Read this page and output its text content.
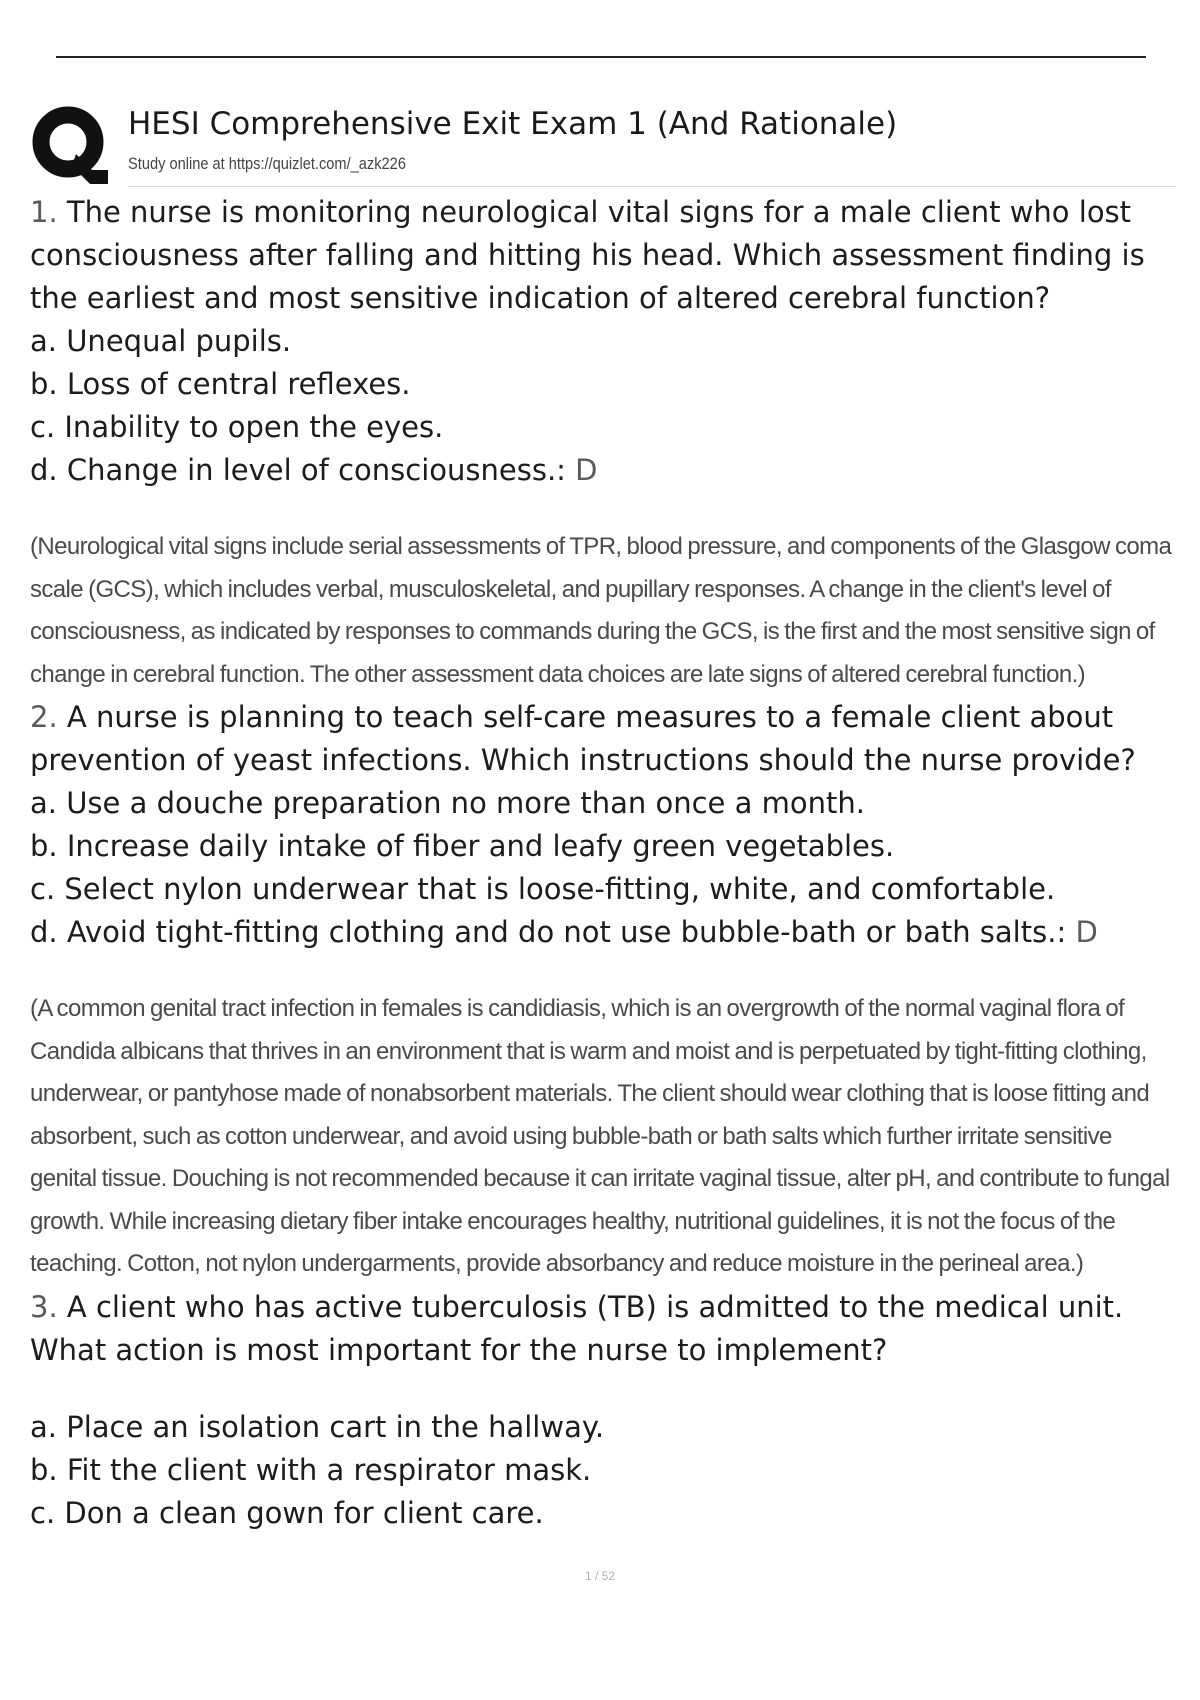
HESI Comprehensive Exit Exam 1 (And Rationale)
Study online at https://quizlet.com/_azk226

1. The nurse is monitoring neurological vital signs for a male client who lost consciousness after falling and hitting his head. Which assessment finding is the earliest and most sensitive indication of altered cerebral function?

a. Unequal pupils.
b. Loss of central reflexes.
c. Inability to open the eyes.
d. Change in level of consciousness.: D

(Neurological vital signs include serial assessments of TPR, blood pressure, and components of the Glasgow coma scale (GCS), which includes verbal, musculoskeletal, and pupillary responses. A change in the client's level of consciousness, as indicated by responses to commands during the GCS, is the first and the most sensitive sign of change in cerebral function. The other assessment data choices are late signs of altered cerebral function.)

2. A nurse is planning to teach self-care measures to a female client about prevention of yeast infections. Which instructions should the nurse provide?

a. Use a douche preparation no more than once a month.
b. Increase daily intake of fiber and leafy green vegetables.
c. Select nylon underwear that is loose-fitting, white, and comfortable.
d. Avoid tight-fitting clothing and do not use bubble-bath or bath salts.: D

(A common genital tract infection in females is candidiasis, which is an overgrowth of the normal vaginal flora of Candida albicans that thrives in an environment that is warm and moist and is perpetuated by tight-fitting clothing, underwear, or pantyhose made of nonabsorbent materials. The client should wear clothing that is loose fitting and absorbent, such as cotton underwear, and avoid using bubble-bath or bath salts which further irritate sensitive genital tissue. Douching is not recommended because it can irritate vaginal tissue, alter pH, and contribute to fungal growth. While increasing dietary fiber intake encourages healthy, nutritional guidelines, it is not the focus of the teaching. Cotton, not nylon undergarments, provide absorbancy and reduce moisture in the perineal area.)

3. A client who has active tuberculosis (TB) is admitted to the medical unit. What action is most important for the nurse to implement?

a. Place an isolation cart in the hallway.
b. Fit the client with a respirator mask.
c. Don a clean gown for client care.
1 / 52
